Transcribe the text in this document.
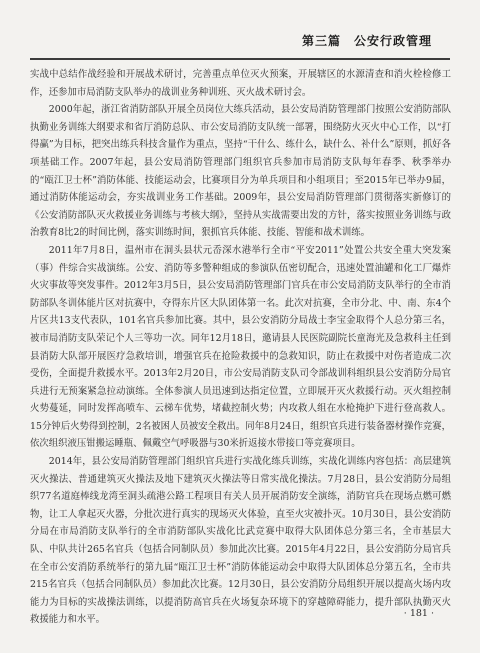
第三篇　公安行政管理

实战中总结作战经验和开展战术研讨，完善重点单位灭火预案，开展辖区的水源清查和消火栓检修工作，还参加市局消防支队举办的战训业务种训班、灭火战术研讨会。

2000年起，浙江省消防部队开展全员岗位大练兵活动，县公安局消防管理部门按照公安消防部队执勤业务训练大纲要求和省厅消防总队、市公安局消防支队统一部署，围绕防火灭火中心工作，以“打得赢”为目标，把突出练兵科技含量作为重点，坚持“干什么、练什么，缺什么、补什么”原则，抓好各项基础工作。2007年起，县公安局消防管理部门组织官兵参加市局消防支队每年春季、秋季举办的“瓯江卫士杯”消防体能、技能运动会，比赛项目分为单兵项目和小组项目；至2015年已举办9届，通过消防体能运动会，夯实战训业务工作基础。2009年，县公安局消防管理部门贯彻落实新修订的《公安消防部队灭火救援业务训练与考核大纲》，坚持从实战需要出发的方针，落实按照业务训练与政治教育8比2的时间比例，落实训练时间，狠抓官兵体能、技能、智能和战术训练。

2011年7月8日，温州市在洞头县状元岙深水港举行全市“平安2011”处置公共安全重大突发案（事）件综合实战演练。公安、消防等多警种组成的参演队伍密切配合，迅速处置油罐和化工厂爆炸火灾事故等突发事件。2012年3月5日，县公安局消防管理部门官兵在市公安局消防支队举行的全市消防部队冬训体能片区对抗赛中，夺得东片区大队团体第一名。此次对抗赛，全市分北、中、南、东4个片区共13支代表队，101名官兵参加比赛。其中，县公安消防分局战士李宝金取得个人总分第三名，被市局消防支队荣记个人三等功一次。同年12月18日，邀请县人民医院副院长童海光及急救科主任到县消防大队部开展医疗急救培训，增强官兵在抢险救援中的急救知识，防止在救援中对伤者造成二次受伤，全面提升救援水平。2013年2月20日，市公安局消防支队司令部战训科组织县公安消防分局官兵进行无预案紧急拉动演练。全体参演人员迅速到达指定位置，立即展开灭火救援行动。灭火组控制火势蔓延，同时发挥高喷车、云梯车优势，堵截控制火势；内攻救人组在水枪掩护下进行登高救人。15分钟后火势得到控制，2名被困人员被安全救出。同年8月24日，组织官兵进行装备器材操作竞赛，依次组织液压钳搬运睡瓶、佩戴空气呼吸器与30米折返接水带接口等竞赛项目。

2014年，县公安局消防管理部门组织官兵进行实战化练兵训练，实战化训练内容包括：高层建筑灭火操法、普通建筑灭火操法及地下建筑灭火操法等日常实战化操法。7月28日，县公安消防分局组织77名道庭棒线龙湾至洞头疏港公路工程项目有关人员开展消防安全演练，消防官兵在现场点燃可燃物，让工人拿起灭火器，分批次进行真实的现场灭火体验，直至火灾被扑灭。10月30日，县公安消防分局在市局消防支队举行的全市消防部队实战化比武竞赛中取得大队团体总分第三名，全市基层大队、中队共计265名官兵（包括合同制队员）参加此次比赛。2015年4月22日，县公安消防分局官兵在全市公安消防系统举行的第九届“瓯江卫士杯”消防体能运动会中取得大队团体总分第五名，全市共215名官兵（包括合同制队员）参加此次比赛。12月30日，县公安消防分局组织开展以提高火场内攻能力为目标的实战操法训练，以提消防高官兵在火场复杂环境下的穿越障碍能力，提升部队执勤灭火救援能力和水平。

· 181 ·
